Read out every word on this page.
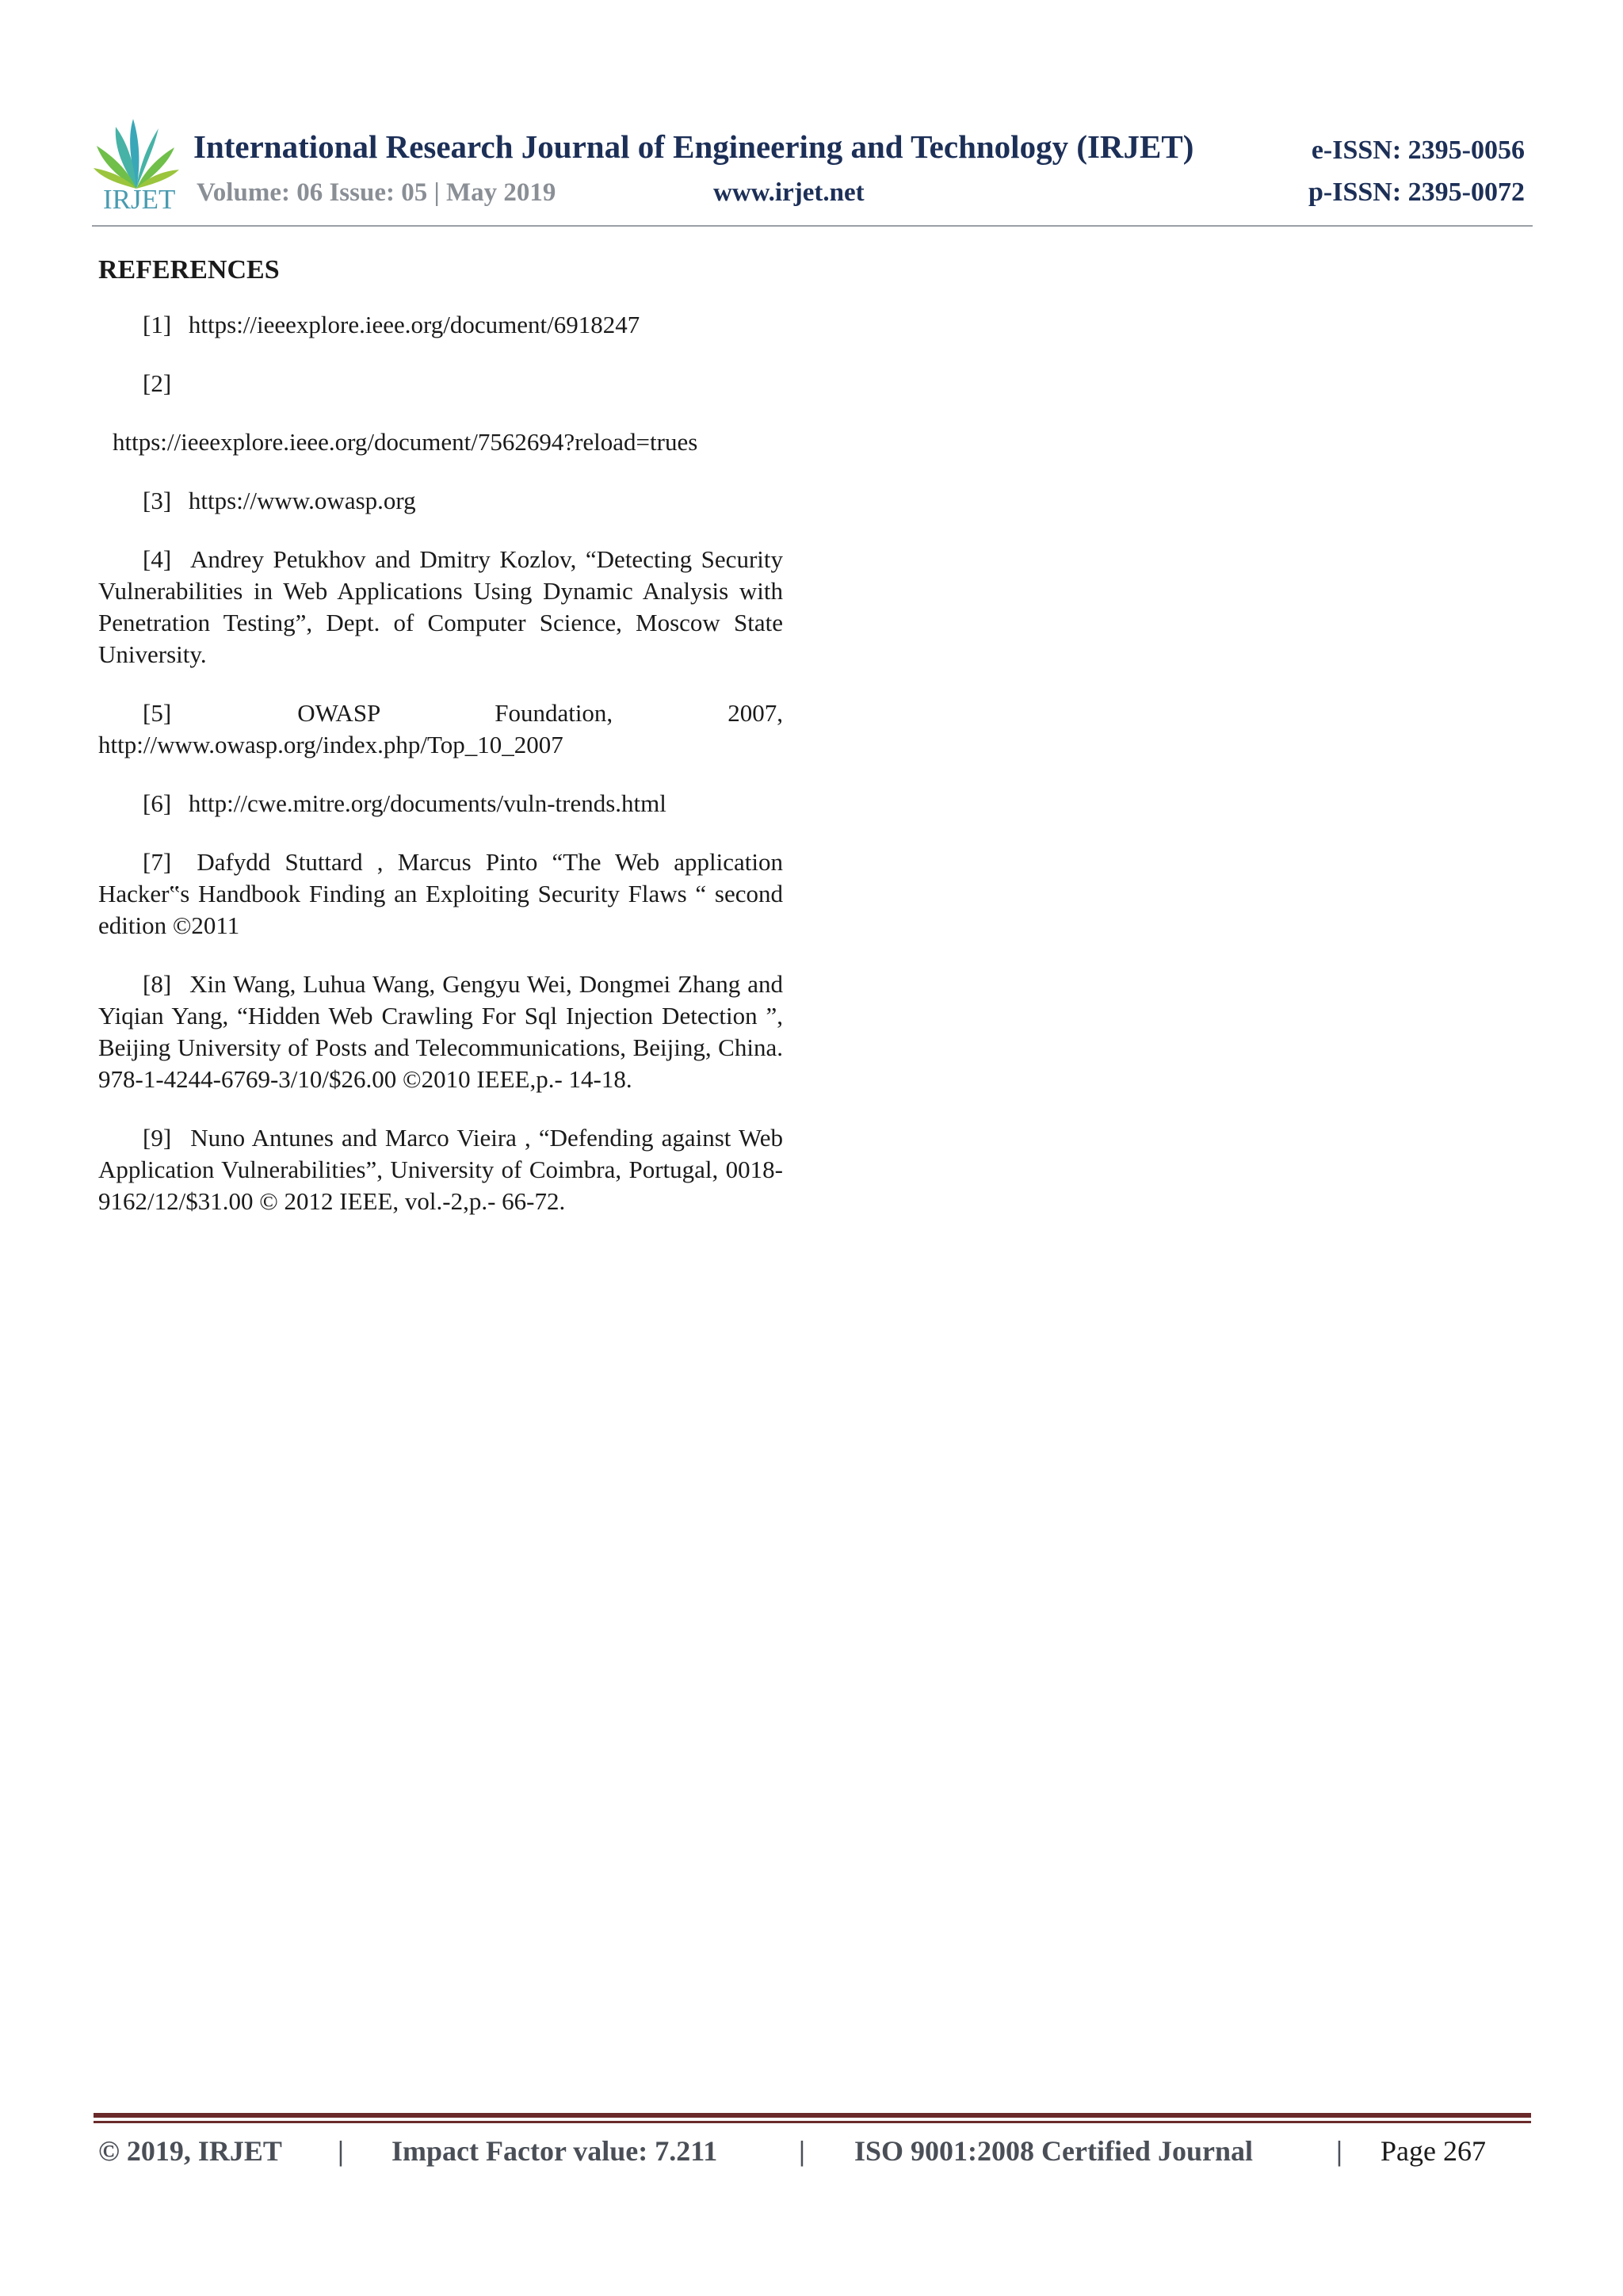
IRJET
International Research Journal of Engineering and Technology (IRJET)	e-ISSN: 2395-0056
Volume: 06 Issue: 05 | May 2019	www.irjet.net	p-ISSN: 2395-0072
REFERENCES
[1] https://ieeexplore.ieee.org/document/6918247
[2]
https://ieeexplore.ieee.org/document/7562694?reload=trues
[3] https://www.owasp.org
[4] Andrey Petukhov and Dmitry Kozlov, “Detecting Security Vulnerabilities in Web Applications Using Dynamic Analysis with Penetration Testing”, Dept. of Computer Science, Moscow State University.
[5]	OWASP Foundation, 2007, http://www.owasp.org/index.php/Top_10_2007
[6] http://cwe.mitre.org/documents/vuln-trends.html
[7] Dafydd Stuttard , Marcus Pinto “The Web application Hacker‟s Handbook Finding an Exploiting Security Flaws “ second edition ©2011
[8] Xin Wang, Luhua Wang, Gengyu Wei, Dongmei Zhang and Yiqian Yang, “Hidden Web Crawling For Sql Injection Detection ”, Beijing University of Posts and Telecommunications, Beijing, China. 978-1-4244-6769-3/10/$26.00 ©2010 IEEE,p.- 14-18.
[9] Nuno Antunes and Marco Vieira , “Defending against Web Application Vulnerabilities”, University of Coimbra, Portugal, 0018- 9162/12/$31.00 © 2012 IEEE, vol.-2,p.- 66-72.
© 2019, IRJET | Impact Factor value: 7.211	| ISO 9001:2008 Certified Journal	| Page 267
